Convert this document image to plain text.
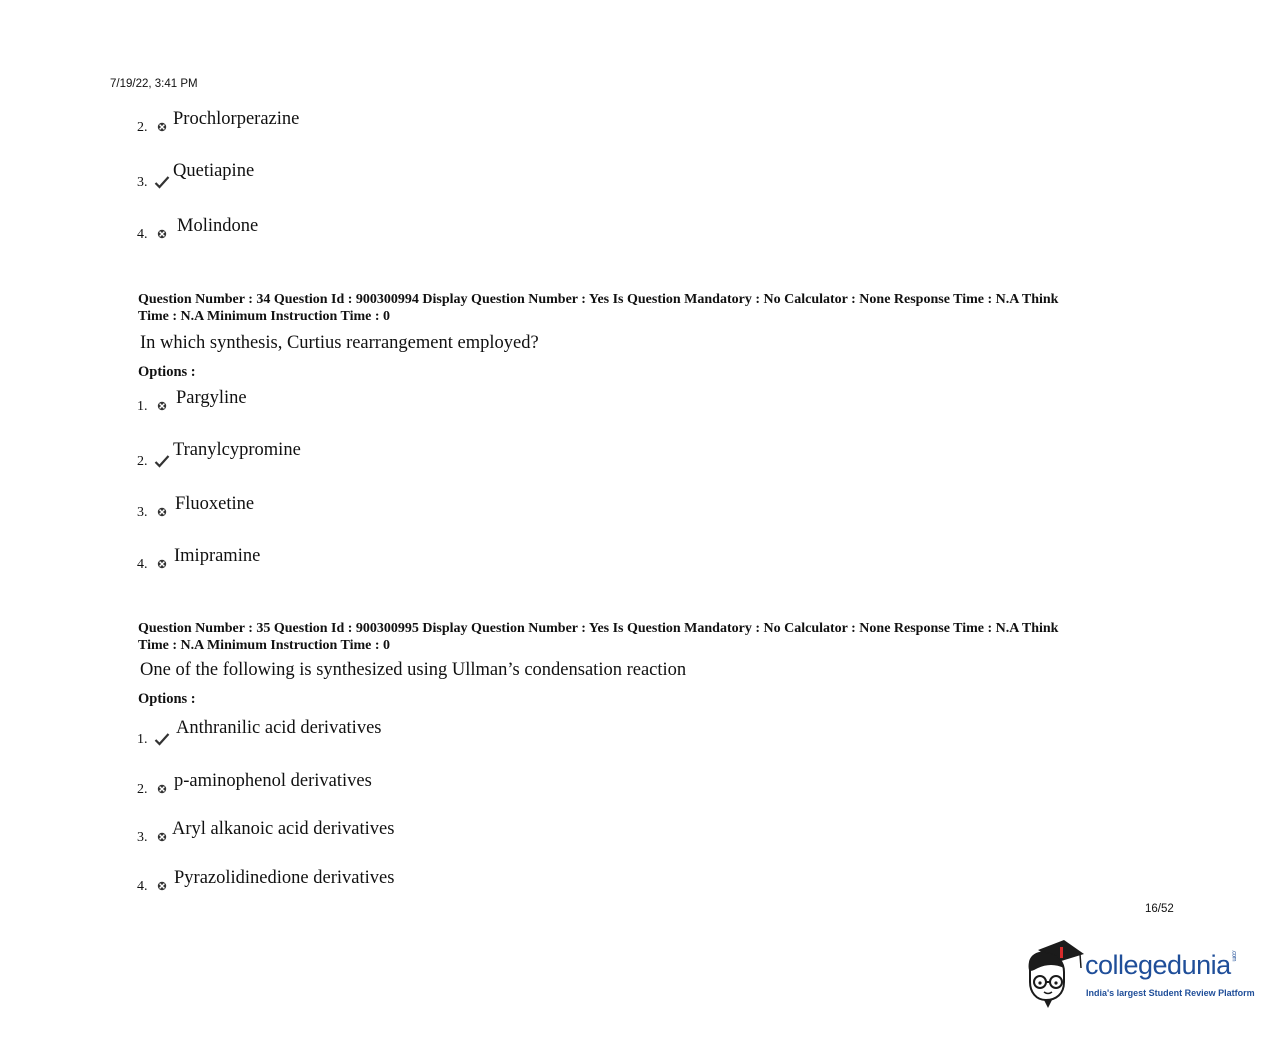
7/19/22, 3:41 PM
2. Prochlorperazine
3.
Quetiapine
4. Molindone
Question Number : 34 Question Id : 900300994 Display Question Number : Yes Is Question Mandatory : No Calculator : None Response Time : N.A Think
Time : N.A Minimum Instruction Time : 0
In which synthesis, Curtius rearrangement employed?
Options :
1. Pargyline
2.
Tranylcypromine
3. Fluoxetine
4. Imipramine
Question Number : 35 Question Id : 900300995 Display Question Number : Yes Is Question Mandatory : No Calculator : None Response Time : N.A Think
Time : N.A Minimum Instruction Time : 0
One of the following is synthesized using Ullman’s condensation reaction
Options :
1.
Anthranilic acid derivatives
2. p-aminophenol derivatives
3. Aryl alkanoic acid derivatives
4. Pyrazolidinedione derivatives
16/52
collegedunia.com
India's largest Student Review Platform
